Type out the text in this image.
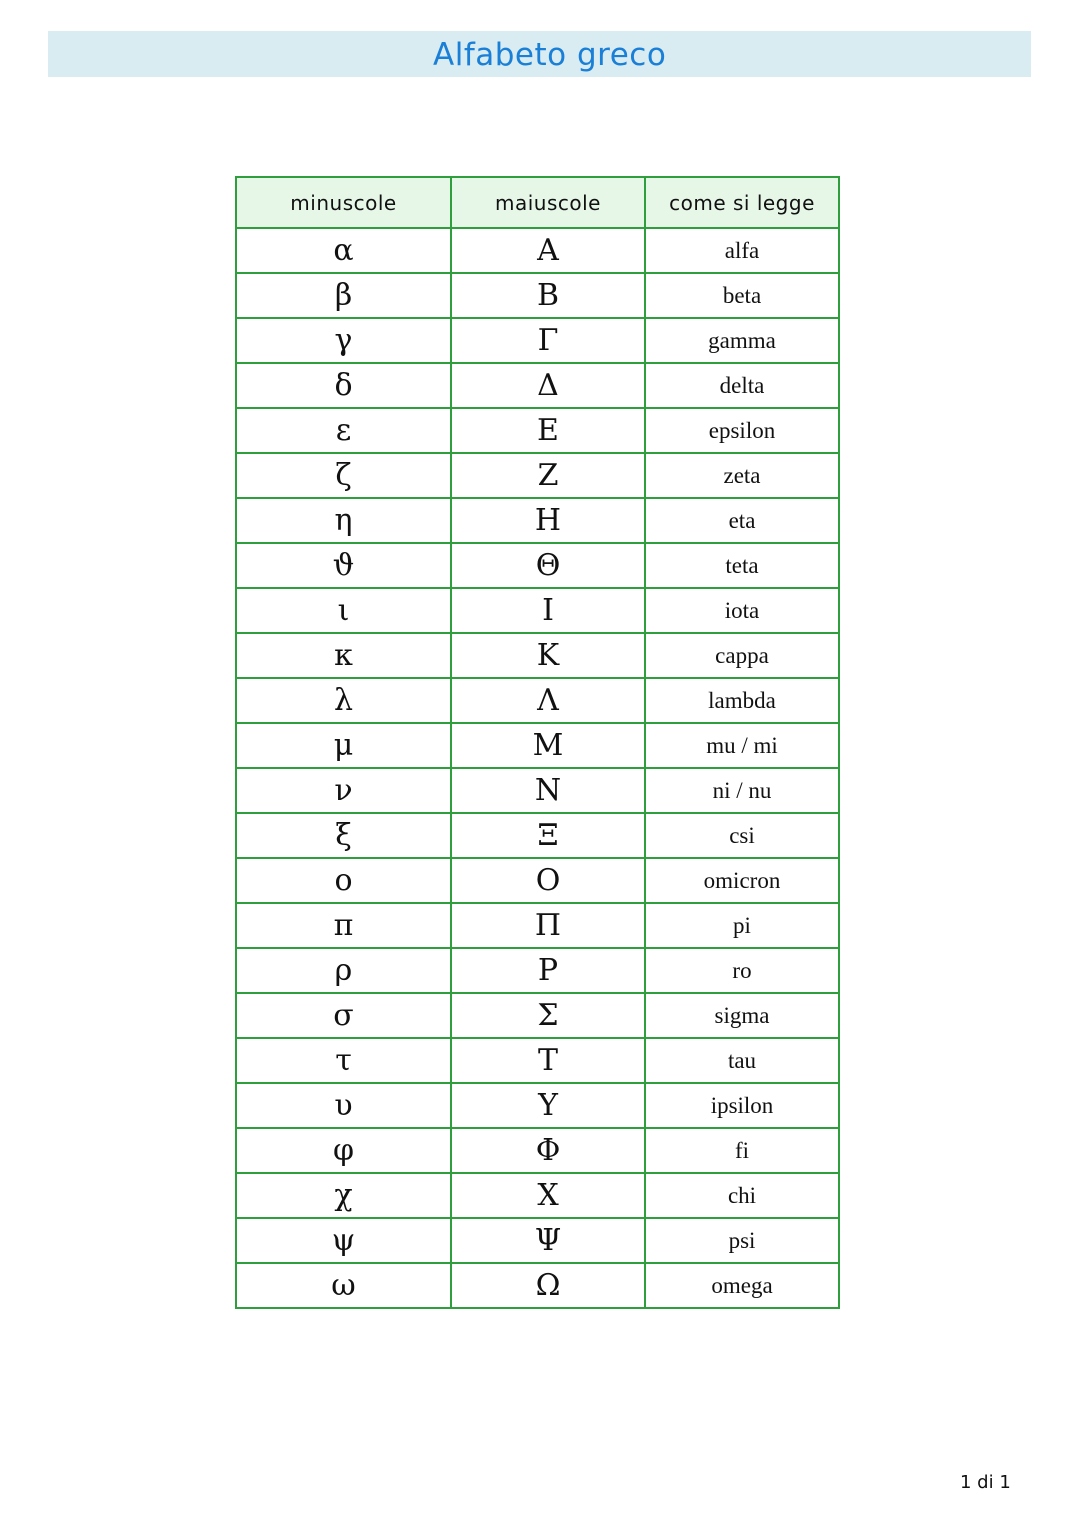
Alfabeto greco
minuscole	maiuscole	come si legge
α	Α	alfa
β	Β	beta
γ	Γ	gamma
δ	Δ	delta
ε	Ε	epsilon
ζ	Ζ	zeta
η	Η	eta
ϑ	Θ	teta
ι	Ι	iota
κ	Κ	cappa
λ	Λ	lambda
μ	Μ	mu / mi
ν	Ν	ni / nu
ξ	Ξ	csi
ο	Ο	omicron
π	Π	pi
ρ	Ρ	ro
σ	Σ	sigma
τ	Τ	tau
υ	Υ	ipsilon
φ	Φ	fi
χ	Χ	chi
ψ	Ψ	psi
ω	Ω	omega
1 di 1
